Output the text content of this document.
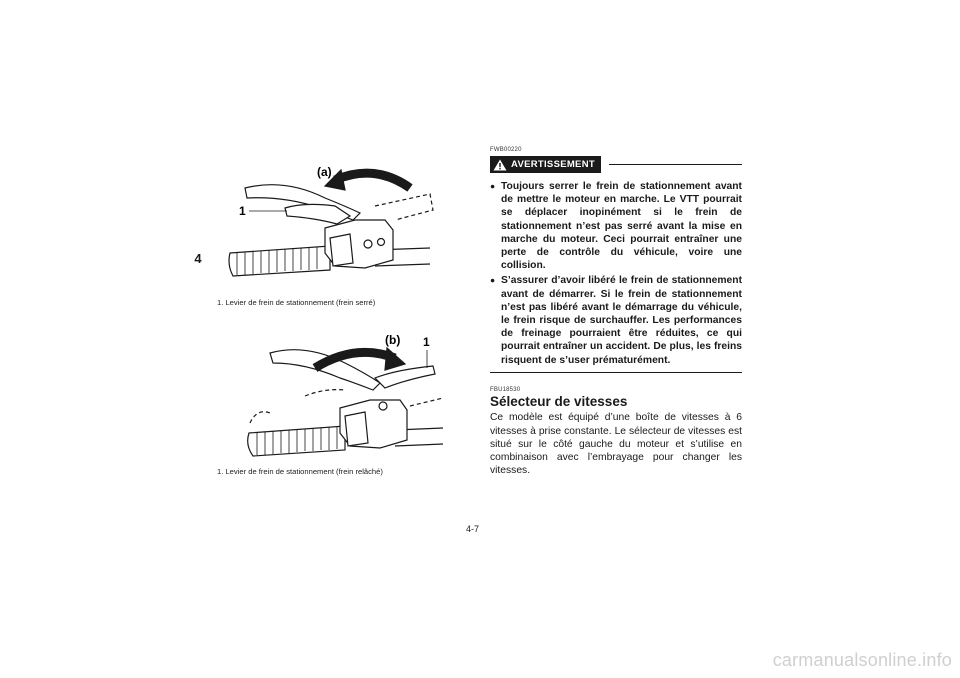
4
(a)
1
1. Levier de frein de stationnement (frein serré)
(b) 1
1. Levier de frein de stationnement (frein relâché)
FWB00220
AVERTISSEMENT
● Toujours serrer le frein de stationnement avant de mettre le moteur en marche. Le VTT pourrait se déplacer inopinément si le frein de stationnement n’est pas serré avant la mise en marche du moteur. Ceci pourrait entraîner une perte de contrôle du véhicule, voire une collision.
● S’assurer d’avoir libéré le frein de stationnement avant de démarrer. Si le frein de stationnement n’est pas libéré avant le démarrage du véhicule, le frein risque de surchauffer. Les performances de freinage pourraient être réduites, ce qui pourrait entraîner un accident. De plus, les freins risquent de s’user prématurément.
FBU18530
Sélecteur de vitesses
Ce modèle est équipé d’une boîte de vitesses à 6 vitesses à prise constante. Le sélecteur de vitesses est situé sur le côté gauche du moteur et s’utilise en combinaison avec l’embrayage pour changer les vitesses.
4-7
carmanualsonline.info
